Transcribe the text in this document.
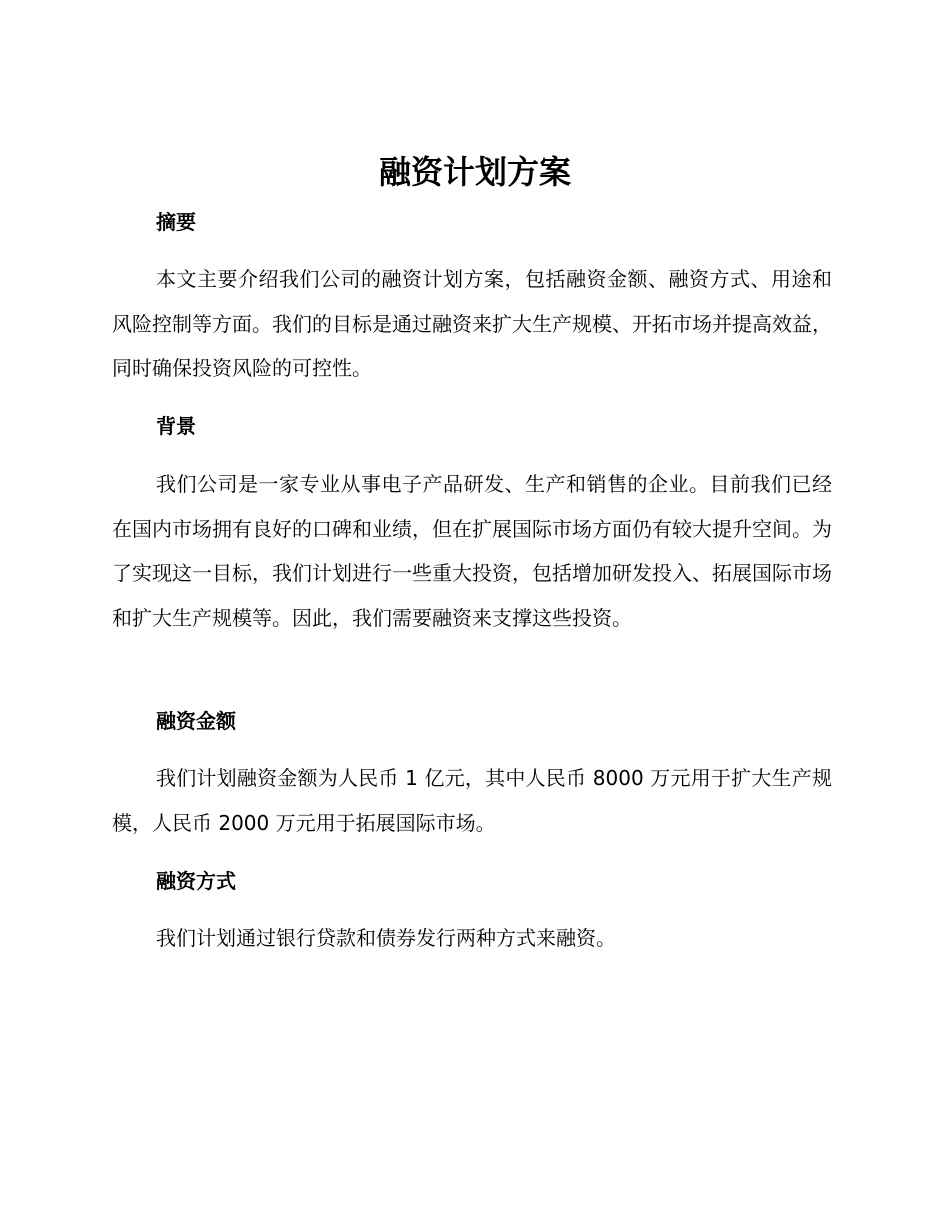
融资计划方案
摘要

本文主要介绍我们公司的融资计划方案，包括融资金额、融资方式、用途和风险控制等方面。我们的目标是通过融资来扩大生产规模、开拓市场并提高效益，同时确保投资风险的可控性。

背景

我们公司是一家专业从事电子产品研发、生产和销售的企业。目前我们已经在国内市场拥有良好的口碑和业绩，但在扩展国际市场方面仍有较大提升空间。为了实现这一目标，我们计划进行一些重大投资，包括增加研发投入、拓展国际市场和扩大生产规模等。因此，我们需要融资来支撑这些投资。

融资金额

我们计划融资金额为人民币 1 亿元，其中人民币 8000 万元用于扩大生产规模，人民币 2000 万元用于拓展国际市场。

融资方式

我们计划通过银行贷款和债券发行两种方式来融资。
